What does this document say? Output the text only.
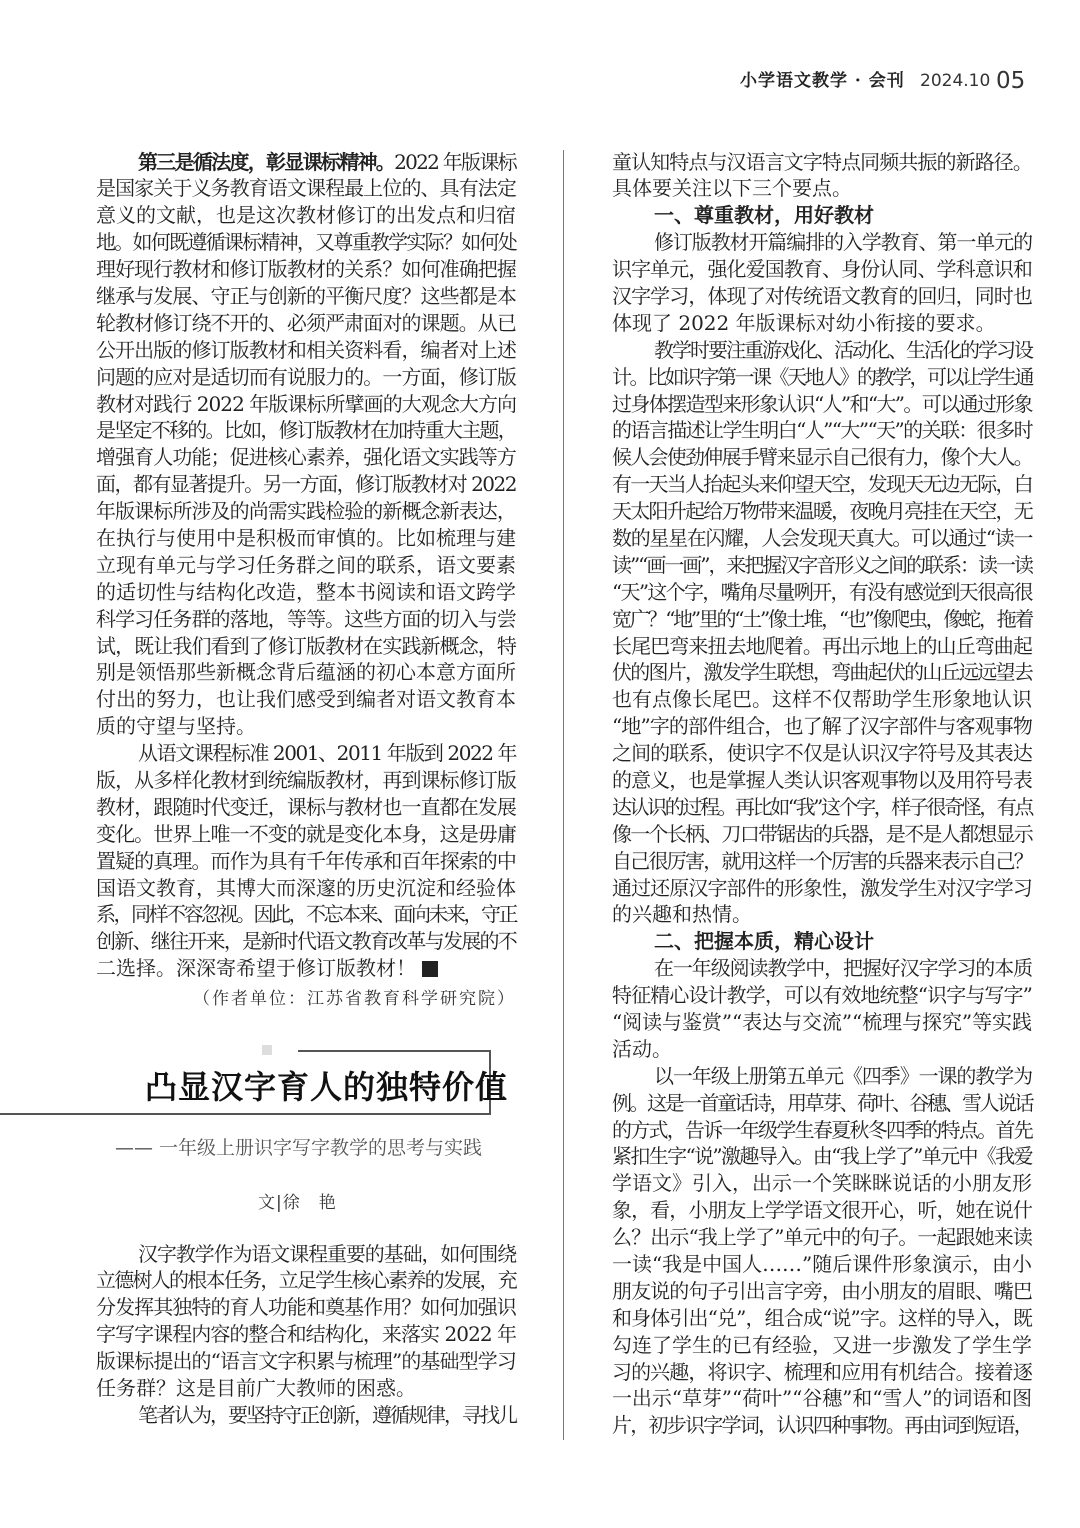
小学语文教学 · 会刊 2024.10 05
第三是循法度，彰显课标精神。2022 年版课标
是国家关于义务教育语文课程最上位的、具有法定
意义的文献，也是这次教材修订的出发点和归宿
地。如何既遵循课标精神，又尊重教学实际？如何处
理好现行教材和修订版教材的关系？如何准确把握
继承与发展、守正与创新的平衡尺度？这些都是本
轮教材修订绕不开的、必须严肃面对的课题。从已
公开出版的修订版教材和相关资料看，编者对上述
问题的应对是适切而有说服力的。一方面，修订版
教材对践行 2022 年版课标所擘画的大观念大方向
是坚定不移的。比如，修订版教材在加持重大主题，
增强育人功能；促进核心素养，强化语文实践等方
面，都有显著提升。另一方面，修订版教材对 2022
年版课标所涉及的尚需实践检验的新概念新表达，
在执行与使用中是积极而审慎的。比如梳理与建
立现有单元与学习任务群之间的联系，语文要素
的适切性与结构化改造，整本书阅读和语文跨学
科学习任务群的落地，等等。这些方面的切入与尝
试，既让我们看到了修订版教材在实践新概念，特
别是领悟那些新概念背后蕴涵的初心本意方面所
付出的努力，也让我们感受到编者对语文教育本
质的守望与坚持。
从语文课程标准 2001、2011 年版到 2022 年
版，从多样化教材到统编版教材，再到课标修订版
教材，跟随时代变迁，课标与教材也一直都在发展
变化。世界上唯一不变的就是变化本身，这是毋庸
置疑的真理。而作为具有千年传承和百年探索的中
国语文教育，其博大而深邃的历史沉淀和经验体
系，同样不容忽视。因此，不忘本来、面向未来，守正
创新、继往开来，是新时代语文教育改革与发展的不
二选择。深深寄希望于修订版教材！
（作者单位：江苏省教育科学研究院）
凸显汉字育人的独特价值
—— 一年级上册识字写字教学的思考与实践
文|徐　艳
汉字教学作为语文课程重要的基础，如何围绕
立德树人的根本任务，立足学生核心素养的发展，充
分发挥其独特的育人功能和奠基作用？如何加强识
字写字课程内容的整合和结构化，来落实 2022 年
版课标提出的“语言文字积累与梳理”的基础型学习
任务群？这是目前广大教师的困惑。
笔者认为，要坚持守正创新，遵循规律，寻找儿
童认知特点与汉语言文字特点同频共振的新路径。
具体要关注以下三个要点。
一、尊重教材，用好教材
修订版教材开篇编排的入学教育、第一单元的
识字单元，强化爱国教育、身份认同、学科意识和
汉字学习，体现了对传统语文教育的回归，同时也
体现了 2022 年版课标对幼小衔接的要求。
教学时要注重游戏化、活动化、生活化的学习设
计。比如识字第一课《天地人》的教学，可以让学生通
过身体摆造型来形象认识“人”和“大”。可以通过形象
的语言描述让学生明白“人”“大”“天”的关联：很多时
候人会使劲伸展手臂来显示自己很有力，像个大人。
有一天当人抬起头来仰望天空，发现天无边无际，白
天太阳升起给万物带来温暖，夜晚月亮挂在天空，无
数的星星在闪耀，人会发现天真大。可以通过“读一
读”“画一画”，来把握汉字音形义之间的联系：读一读
“天”这个字，嘴角尽量咧开，有没有感觉到天很高很
宽广？“地”里的“土”像土堆，“也”像爬虫，像蛇，拖着
长尾巴弯来扭去地爬着。再出示地上的山丘弯曲起
伏的图片，激发学生联想，弯曲起伏的山丘远远望去
也有点像长尾巴。这样不仅帮助学生形象地认识
“地”字的部件组合，也了解了汉字部件与客观事物
之间的联系，使识字不仅是认识汉字符号及其表达
的意义，也是掌握人类认识客观事物以及用符号表
达认识的过程。再比如“我”这个字，样子很奇怪，有点
像一个长柄、刀口带锯齿的兵器，是不是人都想显示
自己很厉害，就用这样一个厉害的兵器来表示自己？
通过还原汉字部件的形象性，激发学生对汉字学习
的兴趣和热情。
二、把握本质，精心设计
在一年级阅读教学中，把握好汉字学习的本质
特征精心设计教学，可以有效地统整“识字与写字”
“阅读与鉴赏”“表达与交流”“梳理与探究”等实践
活动。
以一年级上册第五单元《四季》一课的教学为
例。这是一首童话诗，用草芽、荷叶、谷穗、雪人说话
的方式，告诉一年级学生春夏秋冬四季的特点。首先
紧扣生字“说”激趣导入。由“我上学了”单元中《我爱
学语文》引入，出示一个笑眯眯说话的小朋友形
象，看，小朋友上学学语文很开心，听，她在说什
么？出示“我上学了”单元中的句子。一起跟她来读
一读“我是中国人……”随后课件形象演示，由小
朋友说的句子引出言字旁，由小朋友的眉眼、嘴巴
和身体引出“兑”，组合成“说”字。这样的导入，既
勾连了学生的已有经验，又进一步激发了学生学
习的兴趣，将识字、梳理和应用有机结合。接着逐
一出示“草芽”“荷叶”“谷穗”和“雪人”的词语和图
片，初步识字学词，认识四种事物。再由词到短语，
